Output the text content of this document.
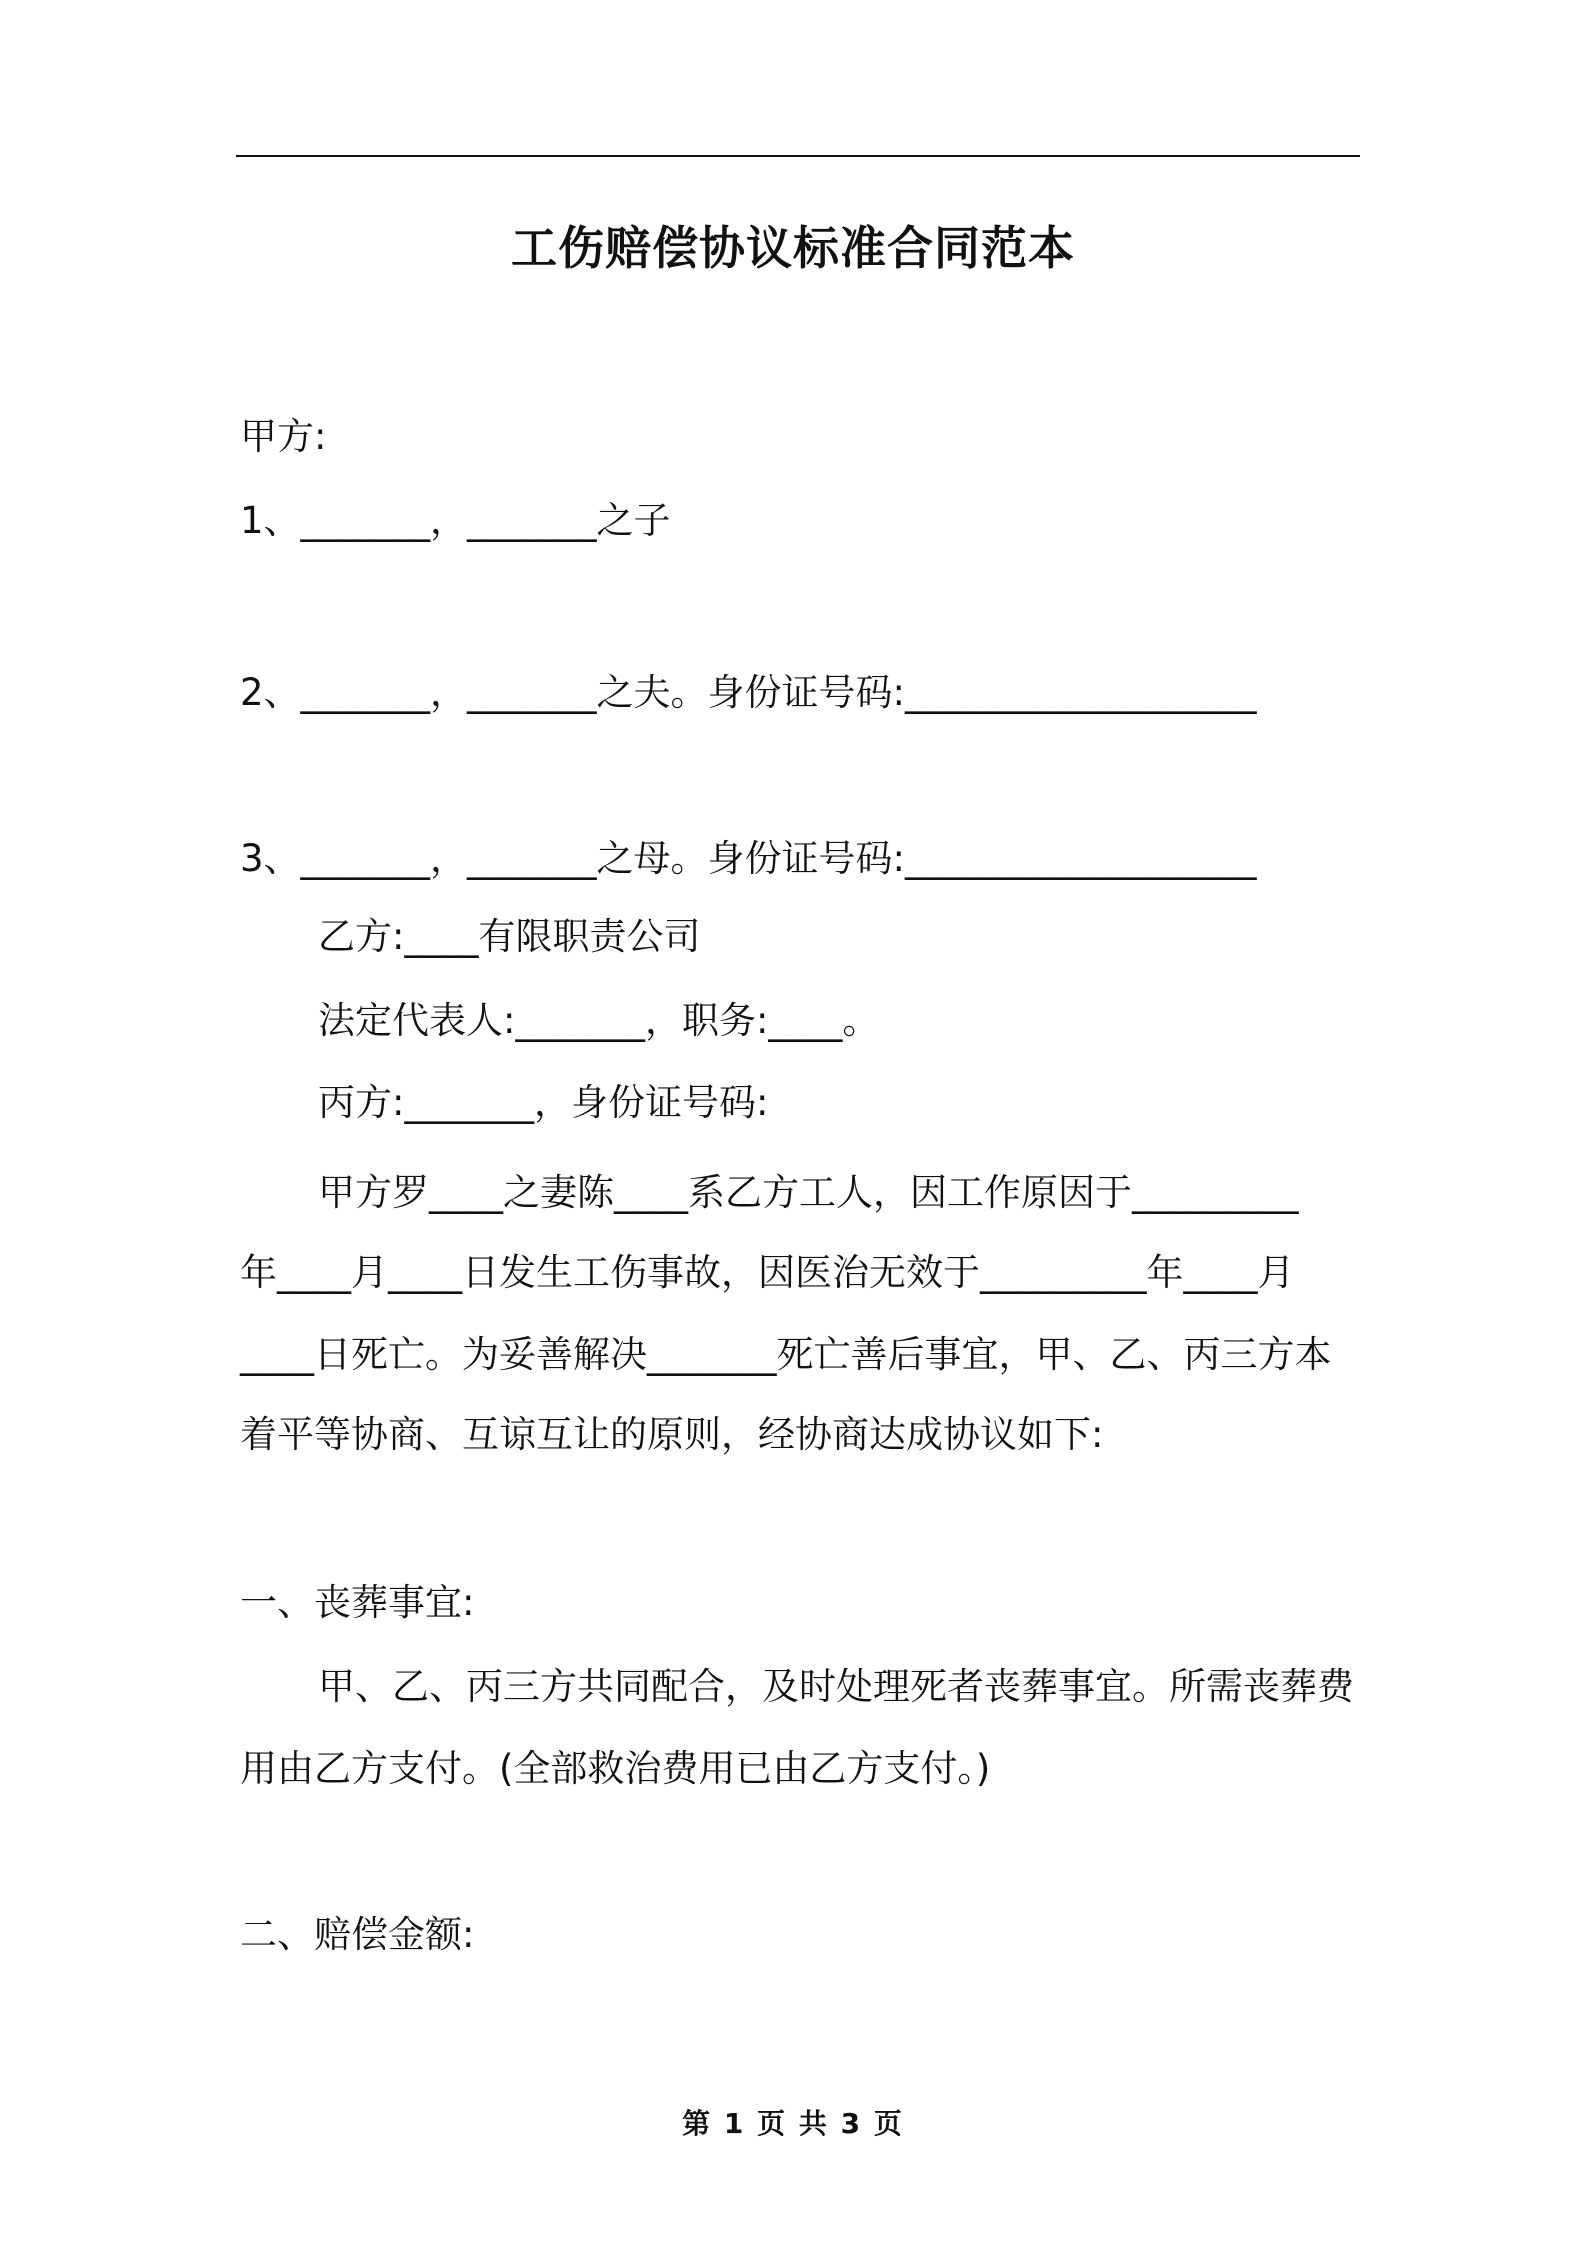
工伤赔偿协议标准合同范本
甲方:
1、_______，_______之子
2、_______，_______之夫。身份证号码:___________________
3、_______，_______之母。身份证号码:___________________
乙方:____有限职责公司
法定代表人:_______，职务:____。
丙方:_______，身份证号码:
甲方罗____之妻陈____系乙方工人，因工作原因于_________
年____月____日发生工伤事故，因医治无效于_________年____月
____日死亡。为妥善解决_______死亡善后事宜，甲、乙、丙三方本
着平等协商、互谅互让的原则，经协商达成协议如下:
一、丧葬事宜:
甲、乙、丙三方共同配合，及时处理死者丧葬事宜。所需丧葬费
用由乙方支付。(全部救治费用已由乙方支付。)
二、赔偿金额:
第 1 页 共 3 页
